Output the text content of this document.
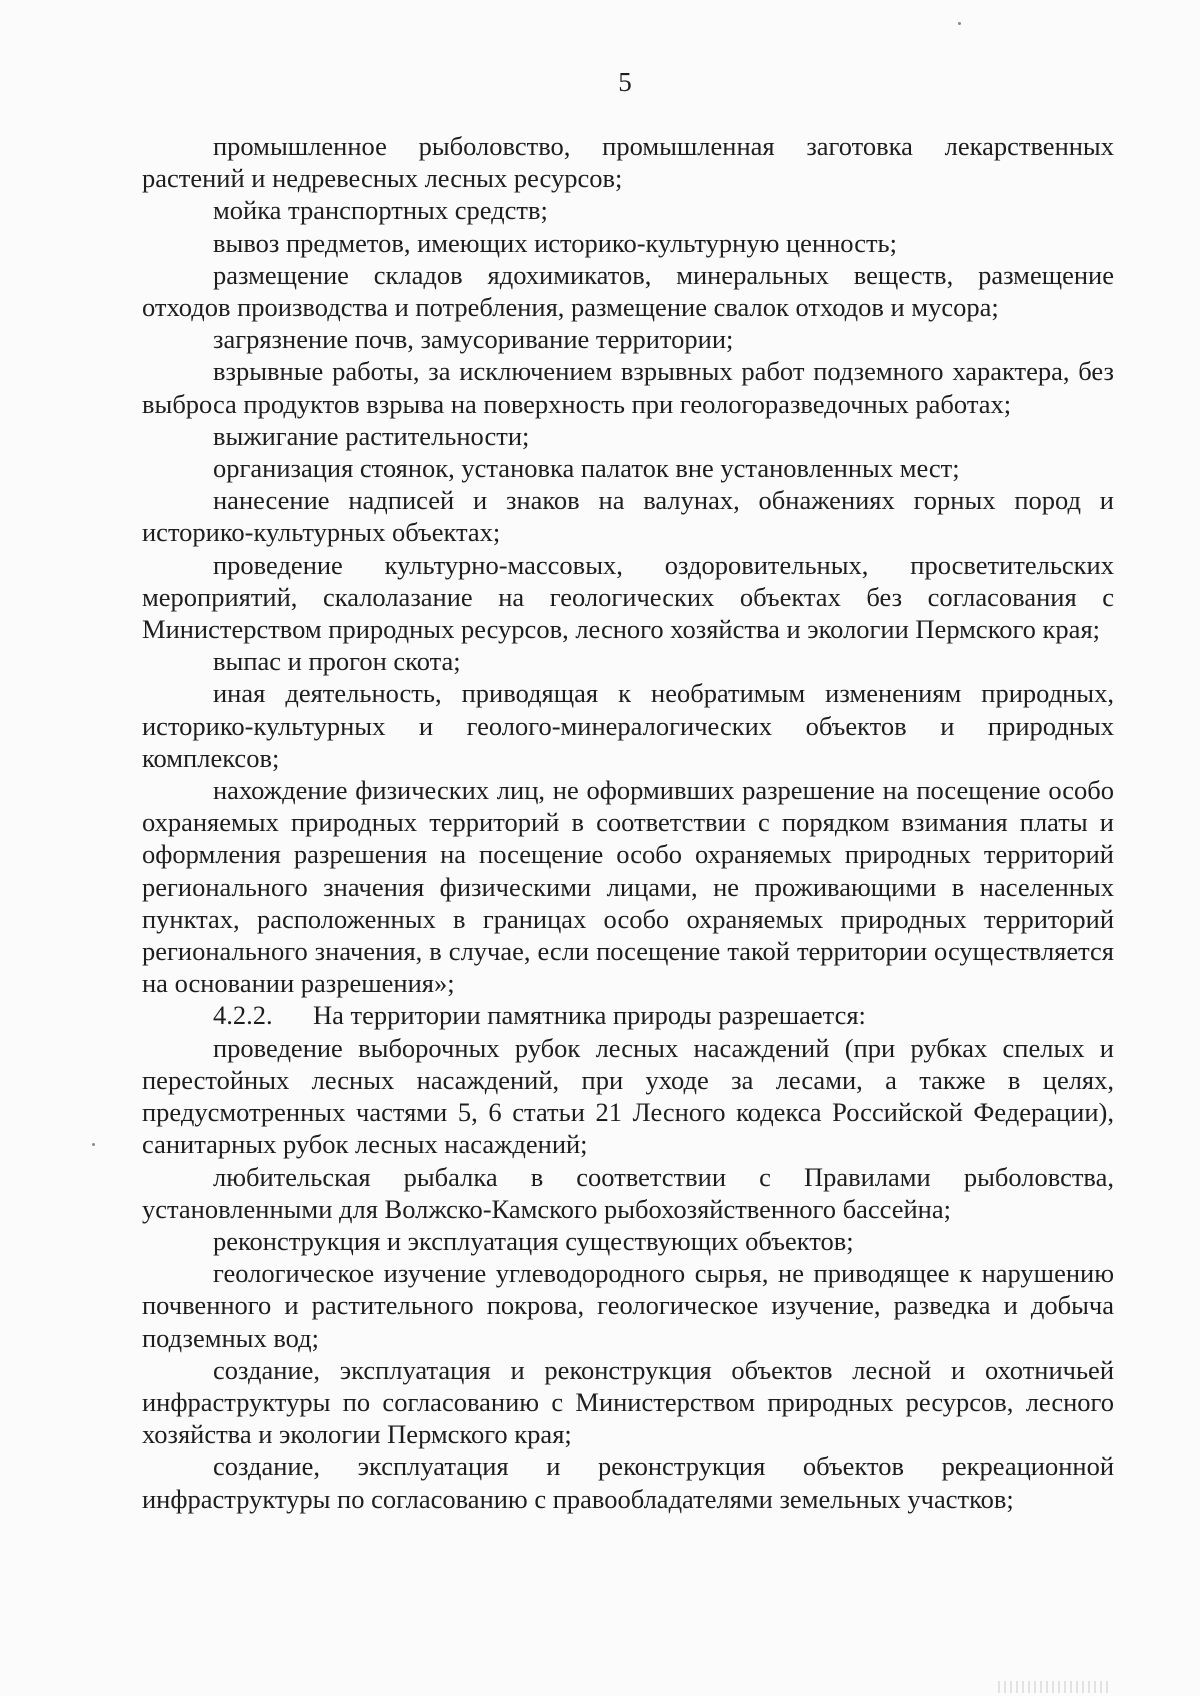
5

промышленное рыболовство, промышленная заготовка лекарственных растений и недревесных лесных ресурсов;

мойка транспортных средств;

вывоз предметов, имеющих историко-культурную ценность;

размещение складов ядохимикатов, минеральных веществ, размещение отходов производства и потребления, размещение свалок отходов и мусора;

загрязнение почв, замусоривание территории;

взрывные работы, за исключением взрывных работ подземного характера, без выброса продуктов взрыва на поверхность при геологоразведочных работах;

выжигание растительности;

организация стоянок, установка палаток вне установленных мест;

нанесение надписей и знаков на валунах, обнажениях горных пород и историко-культурных объектах;

проведение культурно-массовых, оздоровительных, просветительских мероприятий, скалолазание на геологических объектах без согласования с Министерством природных ресурсов, лесного хозяйства и экологии Пермского края;

выпас и прогон скота;

иная деятельность, приводящая к необратимым изменениям природных, историко-культурных и геолого-минералогических объектов и природных комплексов;

нахождение физических лиц, не оформивших разрешение на посещение особо охраняемых природных территорий в соответствии с порядком взимания платы и оформления разрешения на посещение особо охраняемых природных территорий регионального значения физическими лицами, не проживающими в населенных пунктах, расположенных в границах особо охраняемых природных территорий регионального значения, в случае, если посещение такой территории осуществляется на основании разрешения»;

4.2.2. На территории памятника природы разрешается:

проведение выборочных рубок лесных насаждений (при рубках спелых и перестойных лесных насаждений, при уходе за лесами, а также в целях, предусмотренных частями 5, 6 статьи 21 Лесного кодекса Российской Федерации), санитарных рубок лесных насаждений;

любительская рыбалка в соответствии с Правилами рыболовства, установленными для Волжско-Камского рыбохозяйственного бассейна;

реконструкция и эксплуатация существующих объектов;

геологическое изучение углеводородного сырья, не приводящее к нарушению почвенного и растительного покрова, геологическое изучение, разведка и добыча подземных вод;

создание, эксплуатация и реконструкция объектов лесной и охотничьей инфраструктуры по согласованию с Министерством природных ресурсов, лесного хозяйства и экологии Пермского края;

создание, эксплуатация и реконструкция объектов рекреационной инфраструктуры по согласованию с правообладателями земельных участков;
